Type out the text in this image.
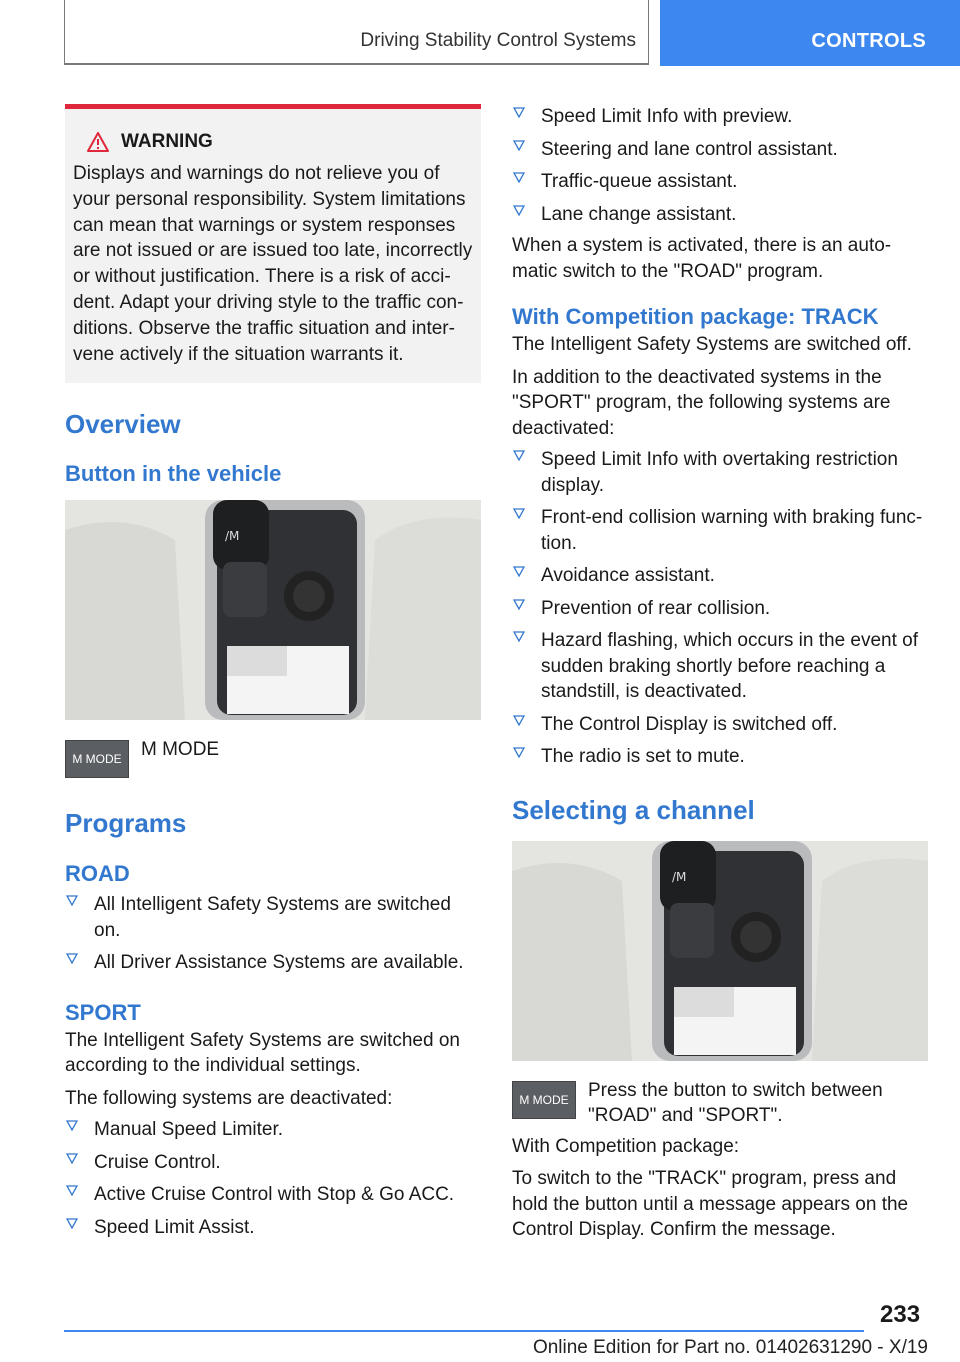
Driving Stability Control Systems	CONTROLS
WARNING

Displays and warnings do not relieve you of your personal responsibility. System limitations can mean that warnings or system responses are not issued or are issued too late, incorrectly or without justification. There is a risk of accident. Adapt your driving style to the traffic conditions. Observe the traffic situation and intervene actively if the situation warrants it.

Overview
Button in the vehicle
/M
M MODE	M MODE

Programs
ROAD
All Intelligent Safety Systems are switched on.
All Driver Assistance Systems are available.
SPORT

The Intelligent Safety Systems are switched on according to the individual settings.

The following systems are deactivated:

Manual Speed Limiter.
Cruise Control.
Active Cruise Control with Stop & Go ACC.
Speed Limit Assist.
Speed Limit Info with preview.
Steering and lane control assistant.
Traffic-queue assistant.
Lane change assistant.

When a system is activated, there is an automatic switch to the "ROAD" program.

With Competition package: TRACK

The Intelligent Safety Systems are switched off.

In addition to the deactivated systems in the "SPORT" program, the following systems are deactivated:

Speed Limit Info with overtaking restriction display.
Front-end collision warning with braking function.
Avoidance assistant.
Prevention of rear collision.
Hazard flashing, which occurs in the event of sudden braking shortly before reaching a standstill, is deactivated.
The Control Display is switched off.
The radio is set to mute.
Selecting a channel
/M
M MODE	Press the button to switch between "ROAD" and "SPORT".

With Competition package:

To switch to the "TRACK" program, press and hold the button until a message appears on the Control Display. Confirm the message.

233
Online Edition for Part no. 01402631290 - X/19
